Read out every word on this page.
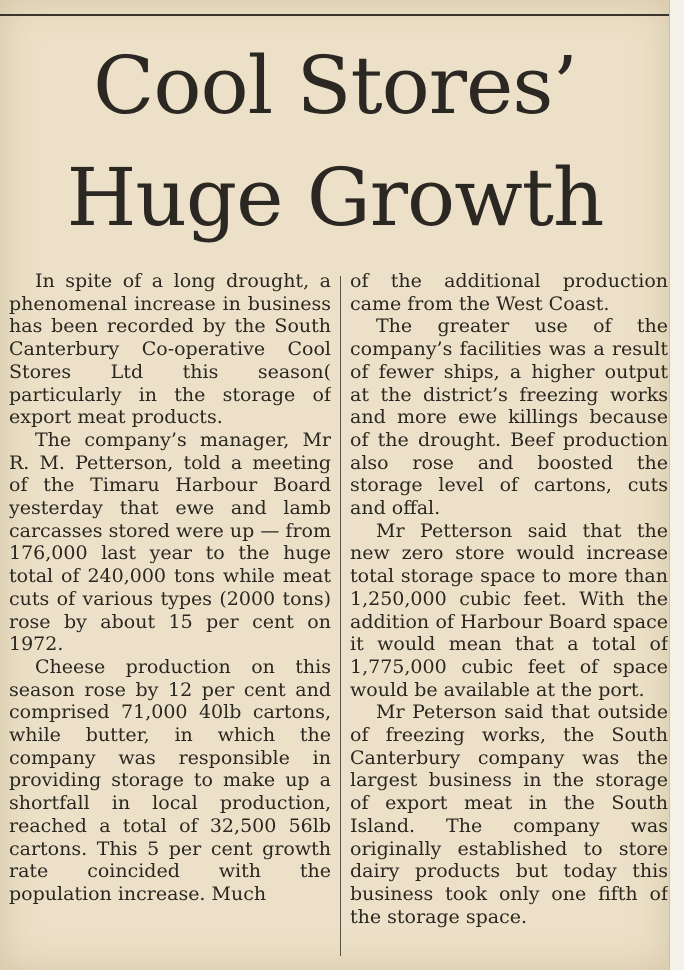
Cool Stores’
Huge Growth

In spite of a long drought, a phenomenal increase in business has been recorded by the South Canterbury Co-operative Cool Stores Ltd this season( particularly in the storage of export meat products.

The company’s manager, Mr R. M. Petterson, told a meeting of the Timaru Harbour Board yesterday that ewe and lamb carcasses stored were up — from 176,000 last year to the huge total of 240,000 tons while meat cuts of various types (2000 tons) rose by about 15 per cent on 1972.

Cheese production on this season rose by 12 per cent and comprised 71,000 40lb cartons, while butter, in which the company was responsible in providing storage to make up a shortfall in local production, reached a total of 32,500 56lb cartons. This 5 per cent growth rate coincided with the population increase. Much

of the additional production came from the West Coast.

The greater use of the company’s facilities was a result of fewer ships, a higher output at the district’s freezing works and more ewe killings because of the drought. Beef production also rose and boosted the storage level of cartons, cuts and offal.

Mr Petterson said that the new zero store would increase total storage space to more than 1,250,000 cubic feet. With the addition of Harbour Board space it would mean that a total of 1,775,000 cubic feet of space would be available at the port.

Mr Peterson said that outside of freezing works, the South Canterbury company was the largest business in the storage of export meat in the South Island. The company was originally established to store dairy products but today this business took only one fifth of the storage space.
